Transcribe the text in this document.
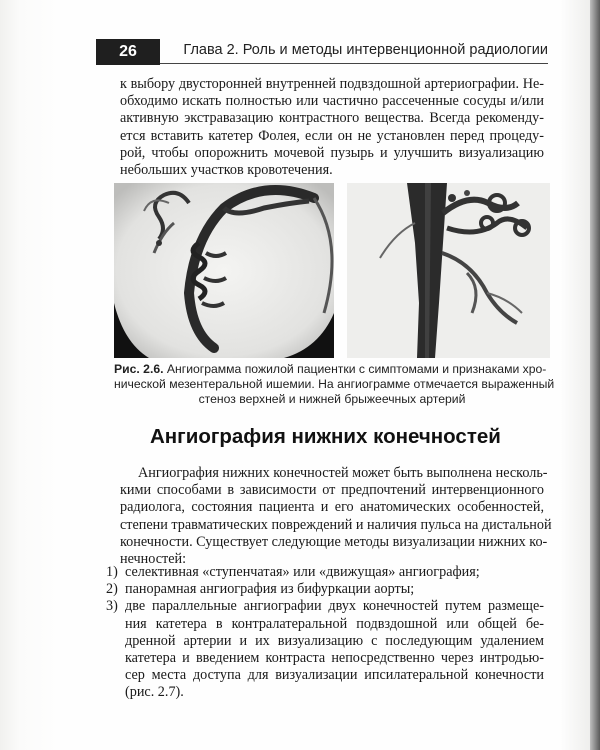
26	Глава 2. Роль и методы интервенционной радиологии
к выбору двусторонней внутренней подвздошной артериографии. Не-
обходимо искать полностью или частично рассеченные сосуды и/или
активную экстравазацию контрастного вещества. Всегда рекоменду-
ется вставить катетер Фолея, если он не установлен перед процеду-
рой, чтобы опорожнить мочевой пузырь и улучшить визуализацию
небольших участков кровотечения.
Рис. 2.6. Ангиограмма пожилой пациентки с симптомами и признаками хро-
нической мезентеральной ишемии. На ангиограмме отмечается выраженный
стеноз верхней и нижней брыжеечных артерий
Ангиография нижних конечностей
Ангиография нижних конечностей может быть выполнена несколь-
кими способами в зависимости от предпочтений интервенционного
радиолога, состояния пациента и его анатомических особенностей,
степени травматических повреждений и наличия пульса на дистальной
конечности. Существует следующие методы визуализации нижних ко-
нечностей:
1) селективная «ступенчатая» или «движущая» ангиография;
2) панорамная ангиография из бифуркации аорты;
3) две параллельные ангиографии двух конечностей путем размеще-
ния катетера в контралатеральной подвздошной или общей бе-
дренной артерии и их визуализацию с последующим удалением
катетера и введением контраста непосредственно через интродью-
сер места доступа для визуализации ипсилатеральной конечности
(рис. 2.7).
